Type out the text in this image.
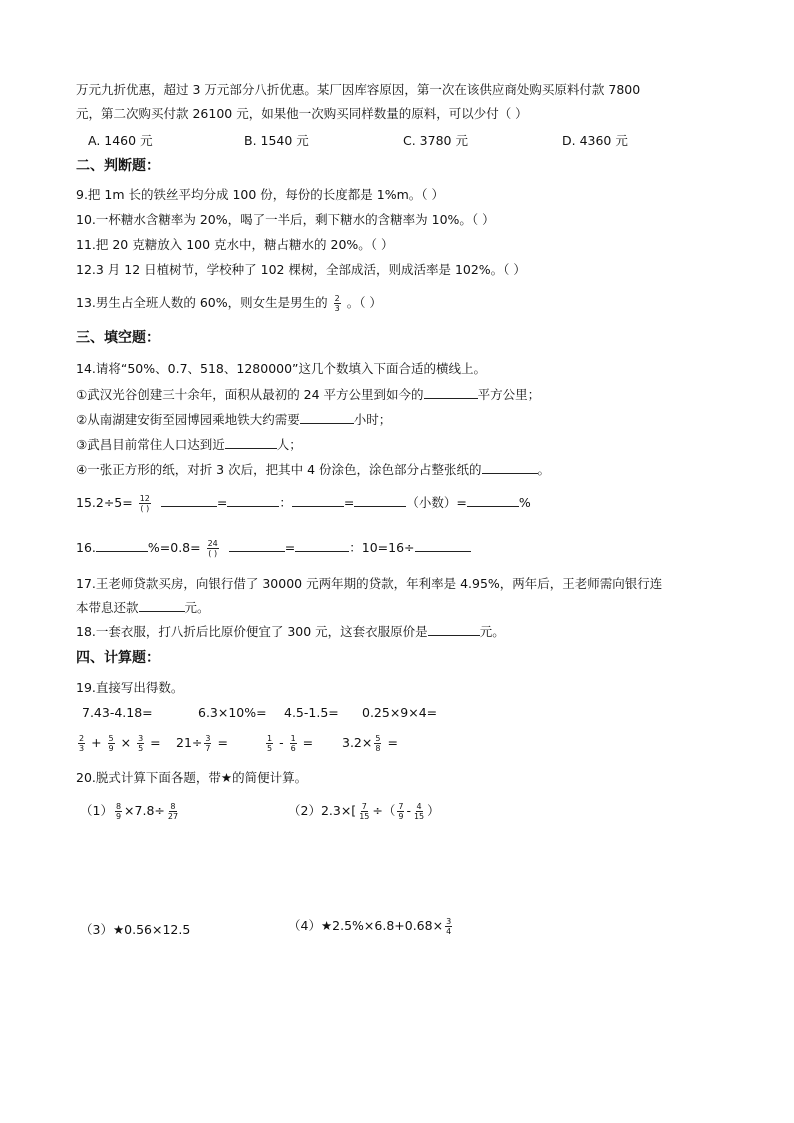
万元九折优惠，超过 3 万元部分八折优惠。某厂因库容原因，第一次在该供应商处购买原料付款 7800
元，第二次购买付款 26100 元，如果他一次购买同样数量的原料，可以少付（ ）
A. 1460 元	B. 1540 元	C. 3780 元	D. 4360 元
二、判断题：
9.把 1m 长的铁丝平均分成 100 份，每份的长度都是 1%m。（ ）
10.一杯糖水含糖率为 20%，喝了一半后，剩下糖水的含糖率为 10%。（ ）
11.把 20 克糖放入 100 克水中，糖占糖水的 20%。（ ）
12.3 月 12 日植树节，学校种了 102 棵树，全部成活，则成活率是 102%。（ ）
13.男生占全班人数的 60%，则女生是男生的 $\frac{2}{3}$ 。（ ）
三、填空题：
14.请将“50%、0.7、518、1280000”这几个数填入下面合适的横线上。
①武汉光谷创建三十余年，面积从最初的 24 平方公里到如今的	平方公里；
②从南湖建安街至园博园乘地铁大约需要	小时；
③武昌目前常住人口达到近	人；
④一张正方形的纸，对折 3 次后，把其中 4 份涂色，涂色部分占整张纸的	。
15.2÷5= 12
( )	=	：	=	（小数）=	%
16.	%=0.8= 24
( )	=	：10=16÷
17.王老师贷款买房，向银行借了 30000 元两年期的贷款，年利率是 4.95%，两年后，王老师需向银行连
本带息还款	元。
18.一套衣服，打八折后比原价便宜了 300 元，这套衣服原价是	元。
四、计算题：
19.直接写出得数。
7.43-4.18=	6.3×10%= 4.5-1.5= 0.25×9×4=
$\frac{2}{3} + \frac{5}{9} \times \frac{3}{5} = 21\div \frac{3}{7}$ =	$\frac{1}{5} - \frac{1}{6} = 3.2\times \frac{5}{8}$ =
20.脱式计算下面各题，带★的简便计算。
$(1) \frac{8}{9} \times 7.8\div \frac{8}{27}$	$(2)2.3\times[ \frac{7}{15}$ ÷（ $\frac{7}{9} - \frac{4}{15}$ ）
（3）★0.56×12.5	（4）★2.5%×6.8+0.68× $\frac{3}{4}$
